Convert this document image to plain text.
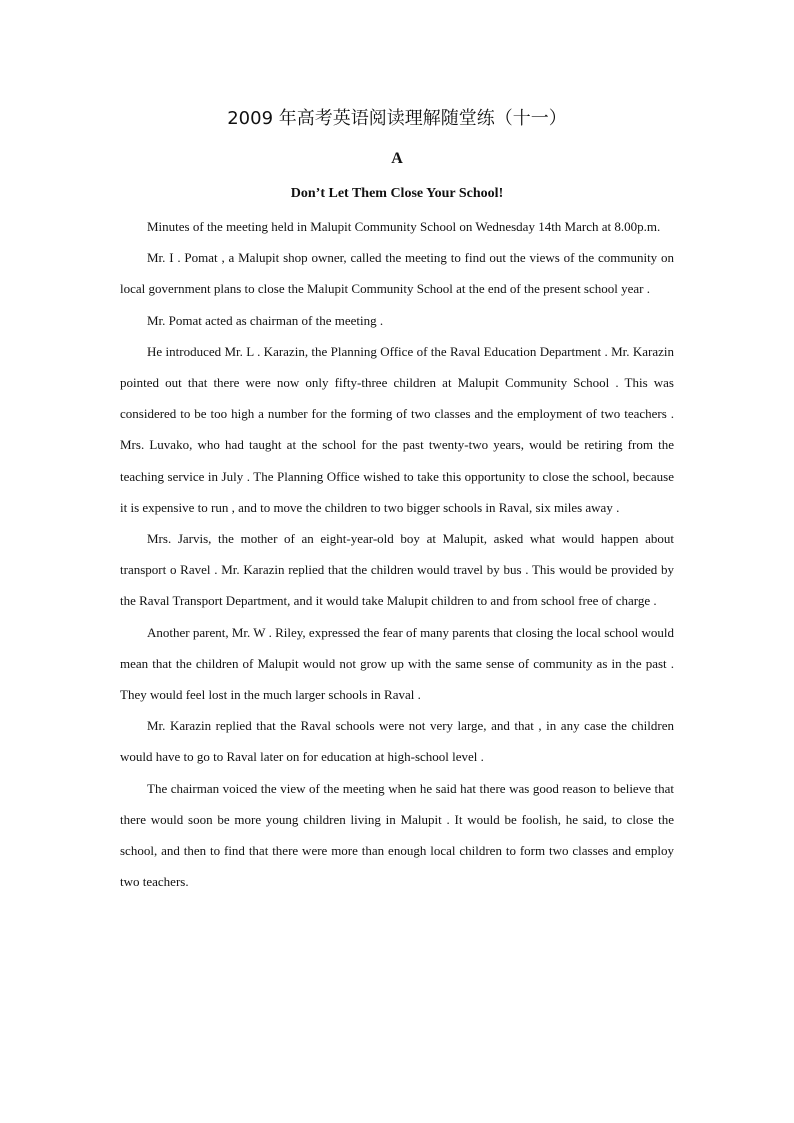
2009 年高考英语阅读理解随堂练（十一）
A
Don’t Let Them Close Your School!

Minutes of the meeting held in Malupit Community School on Wednesday 14th March at 8.00p.m.

Mr. I . Pomat , a Malupit shop owner, called the meeting to find out the views of the community on local government plans to close the Malupit Community School at the end of the present school year .

Mr. Pomat acted as chairman of the meeting .

He introduced Mr. L . Karazin, the Planning Office of the Raval Education Department . Mr. Karazin pointed out that there were now only fifty-three children at Malupit Community School . This was considered to be too high a number for the forming of two classes and the employment of two teachers . Mrs. Luvako, who had taught at the school for the past twenty-two years, would be retiring from the teaching service in July . The Planning Office wished to take this opportunity to close the school, because it is expensive to run , and to move the children to two bigger schools in Raval, six miles away .

Mrs. Jarvis, the mother of an eight-year-old boy at Malupit, asked what would happen about transport o Ravel . Mr. Karazin replied that the children would travel by bus . This would be provided by the Raval Transport Department, and it would take Malupit children to and from school free of charge .

Another parent, Mr. W . Riley, expressed the fear of many parents that closing the local school would mean that the children of Malupit would not grow up with the same sense of community as in the past . They would feel lost in the much larger schools in Raval .

Mr. Karazin replied that the Raval schools were not very large, and that , in any case the children would have to go to Raval later on for education at high-school level .

The chairman voiced the view of the meeting when he said hat there was good reason to believe that there would soon be more young children living in Malupit . It would be foolish, he said, to close the school, and then to find that there were more than enough local children to form two classes and employ two teachers.
